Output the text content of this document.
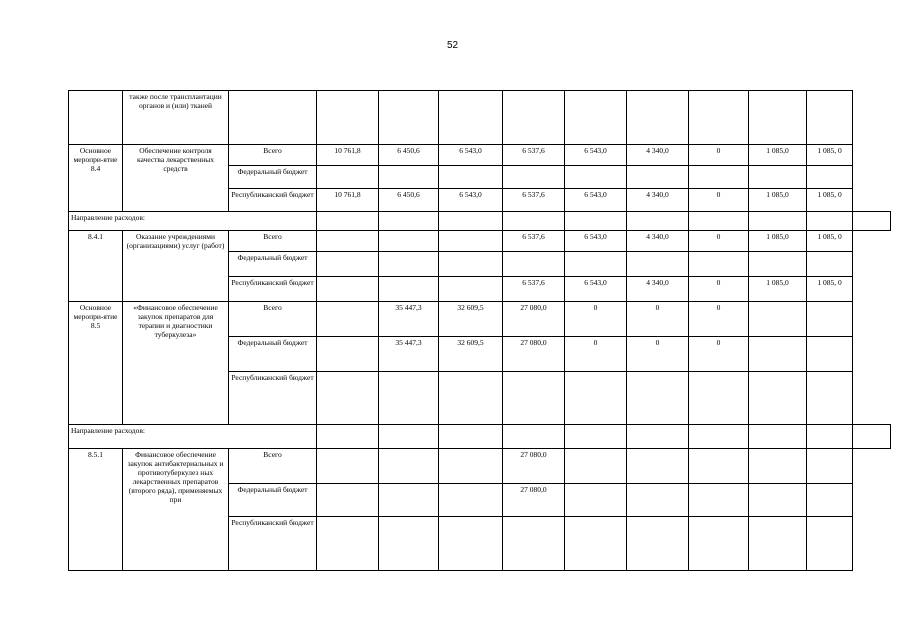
52
	также после трансплантации органов и (или) тканей											
Основное меропри-ятие 8.4	Обеспечение контроля качества лекарственных средств	Всего	10 761,8	6 450,6	6 543,0	6 537,6	6 543,0	4 340,0	0	1 085,0	1 085, 0	
		Федеральный бюджет										
		Республиканский бюджет	10 761,8	6 450,6	6 543,0	6 537,6	6 543,0	4 340,0	0	1 085,0	1 085, 0	
Направление расходов:												
8.4.1	Оказание учреждениями (организациями) услуг (работ)	Всего				6 537,6	6 543,0	4 340,0	0	1 085,0	1 085, 0	
		Федеральный бюджет										
		Республиканский бюджет				6 537,6	6 543,0	4 340,0	0	1 085,0	1 085, 0	
Основное меропри-ятие 8.5	«Финансовое обеспечение закупок препаратов для терапии и диагностики туберкулеза»	Всего		35 447,3	32 609,5	27 080,0	0	0	0			
		Федеральный бюджет		35 447,3	32 609,5	27 080,0	0	0	0			
		Республиканский бюджет										
Направление расходов:												
8.5.1	Финансовое обеспечение закупок антибактериальных и противотуберкулез ных лекарственных препаратов (второго ряда), применяемых при	Всего				27 080,0						
		Федеральный бюджет				27 080,0						
		Республиканский бюджет										
